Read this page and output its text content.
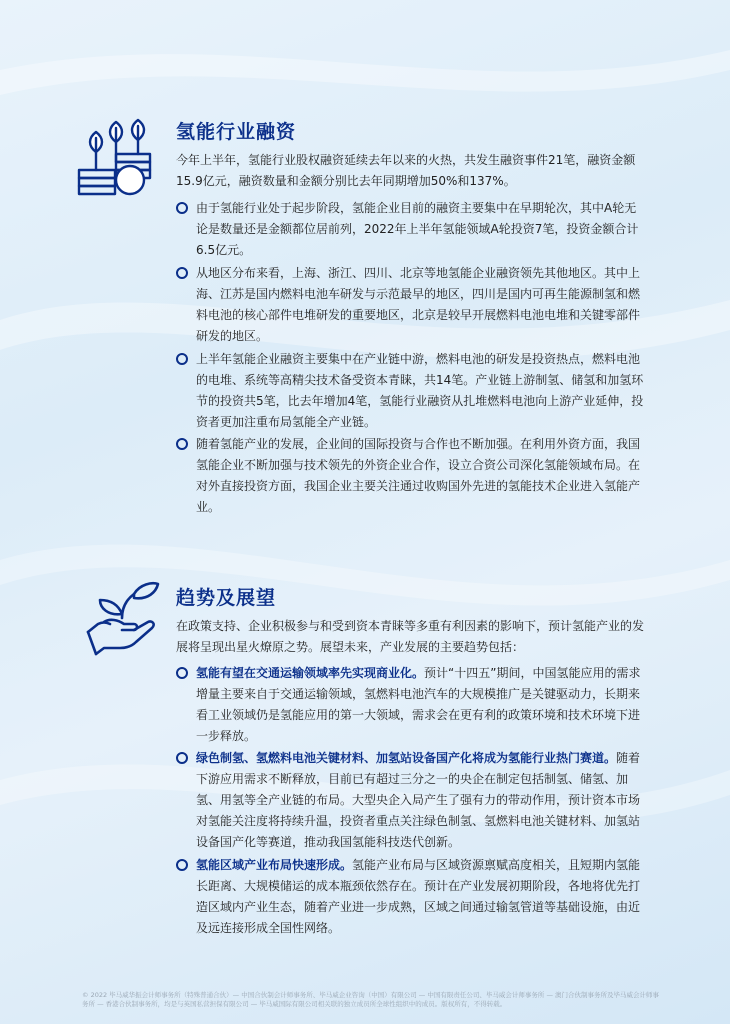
氢能行业融资

今年上半年，氢能行业股权融资延续去年以来的火热，共发生融资事件21笔，融资金额15.9亿元，融资数量和金额分别比去年同期增加50%和137%。

由于氢能行业处于起步阶段，氢能企业目前的融资主要集中在早期轮次，其中A轮无论是数量还是金额都位居前列，2022年上半年氢能领域A轮投资7笔，投资金额合计6.5亿元。
从地区分布来看，上海、浙江、四川、北京等地氢能企业融资领先其他地区。其中上海、江苏是国内燃料电池车研发与示范最早的地区，四川是国内可再生能源制氢和燃料电池的核心部件电堆研发的重要地区，北京是较早开展燃料电池电堆和关键零部件研发的地区。
上半年氢能企业融资主要集中在产业链中游，燃料电池的研发是投资热点，燃料电池的电堆、系统等高精尖技术备受资本青睐，共14笔。产业链上游制氢、储氢和加氢环节的投资共5笔，比去年增加4笔，氢能行业融资从扎堆燃料电池向上游产业延伸，投资者更加注重布局氢能全产业链。
随着氢能产业的发展，企业间的国际投资与合作也不断加强。在利用外资方面，我国氢能企业不断加强与技术领先的外资企业合作，设立合资公司深化氢能领域布局。在对外直接投资方面，我国企业主要关注通过收购国外先进的氢能技术企业进入氢能产业。
趋势及展望

在政策支持、企业积极参与和受到资本青睐等多重有利因素的影响下，预计氢能产业的发展将呈现出星火燎原之势。展望未来，产业发展的主要趋势包括：

氢能有望在交通运输领域率先实现商业化。预计“十四五”期间，中国氢能应用的需求增量主要来自于交通运输领域，氢燃料电池汽车的大规模推广是关键驱动力，长期来看工业领域仍是氢能应用的第一大领域，需求会在更有利的政策环境和技术环境下进一步释放。
绿色制氢、氢燃料电池关键材料、加氢站设备国产化将成为氢能行业热门赛道。随着下游应用需求不断释放，目前已有超过三分之一的央企在制定包括制氢、储氢、加氢、用氢等全产业链的布局。大型央企入局产生了强有力的带动作用，预计资本市场对氢能关注度将持续升温，投资者重点关注绿色制氢、氢燃料电池关键材料、加氢站设备国产化等赛道，推动我国氢能科技迭代创新。
氢能区域产业布局快速形成。氢能产业布局与区域资源禀赋高度相关，且短期内氢能长距离、大规模储运的成本瓶颈依然存在。预计在产业发展初期阶段，各地将优先打造区域内产业生态，随着产业进一步成熟，区域之间通过输氢管道等基础设施，由近及远连接形成全国性网络。
© 2022 毕马威华振会计师事务所（特殊普通合伙）— 中国合伙制会计师事务所、毕马威企业咨询（中国）有限公司 — 中国有限责任公司、毕马威会计师事务所 — 澳门合伙制事务所及毕马威会计师事务所 — 香港合伙制事务所，均是与英国私营担保有限公司 — 毕马威国际有限公司相关联的独立成员所全球性组织中的成员。版权所有，不得转载。
